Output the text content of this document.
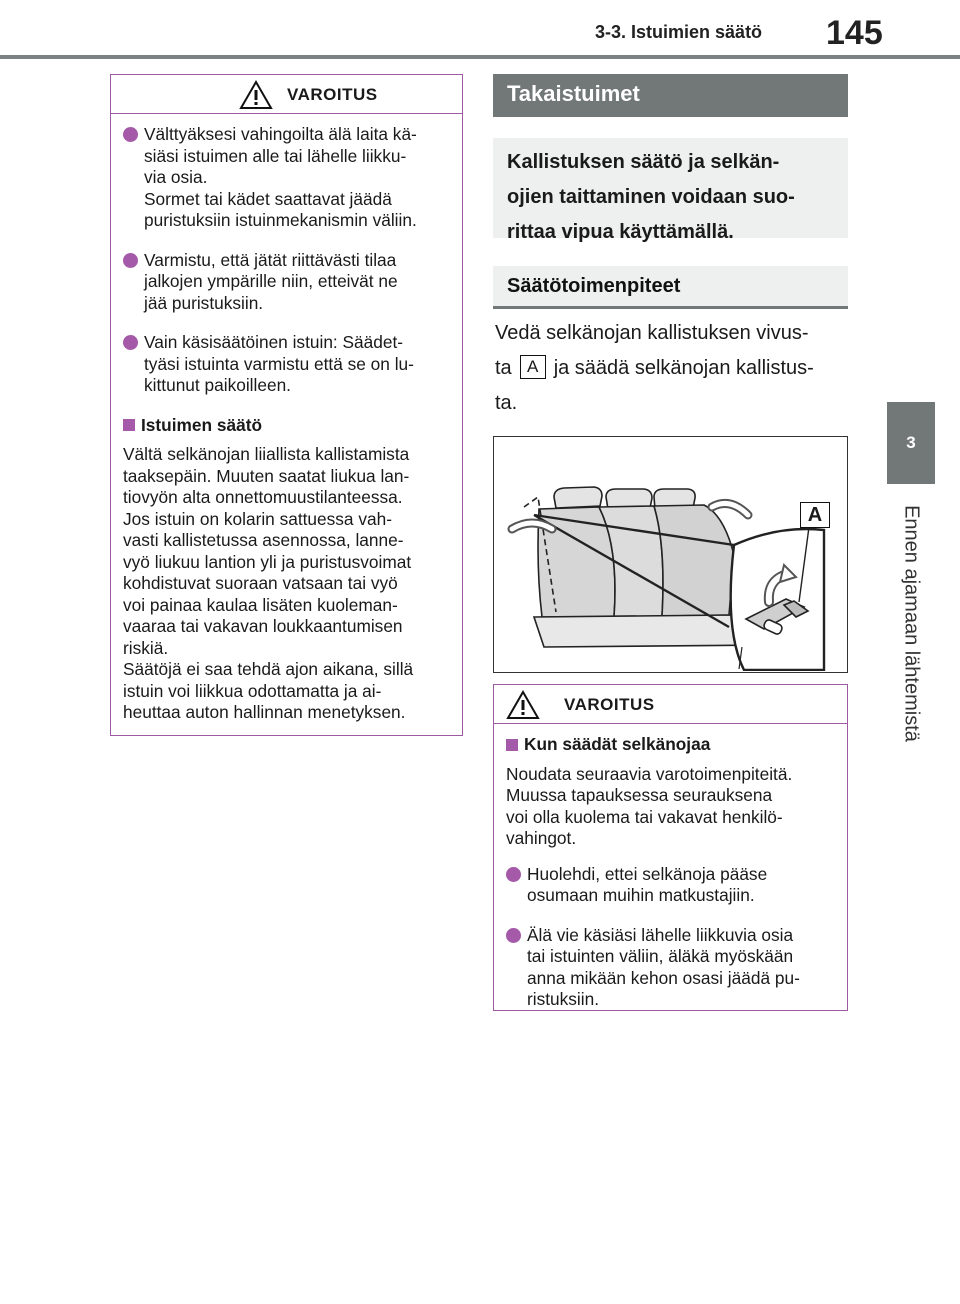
3-3. Istuimien säätö 145
3
Ennen ajamaan lähtemistä
VAROITUS
Välttyäksesi vahingoilta älä laita kä-
siäsi istuimen alle tai lähelle liikku-
via osia.
Sormet tai kädet saattavat jäädä
puristuksiin istuinmekanismin väliin.
Varmistu, että jätät riittävästi tilaa
jalkojen ympärille niin, etteivät ne
jää puristuksiin.
Vain käsisäätöinen istuin: Säädet-
tyäsi istuinta varmistu että se on lu-
kittunut paikoilleen.
Istuimen säätö
Vältä selkänojan liiallista kallistamista
taaksepäin. Muuten saatat liukua lan-
tiovyön alta onnettomuustilanteessa.
Jos istuin on kolarin sattuessa vah-
vasti kallistetussa asennossa, lanne-
vyö liukuu lantion yli ja puristusvoimat
kohdistuvat suoraan vatsaan tai vyö
voi painaa kaulaa lisäten kuoleman-
vaaraa tai vakavan loukkaantumisen
riskiä.
Säätöjä ei saa tehdä ajon aikana, sillä
istuin voi liikkua odottamatta ja ai-
heuttaa auton hallinnan menetyksen.
Takaistuimet
Kallistuksen säätö ja selkän-
ojien taittaminen voidaan suo-
rittaa vipua käyttämällä.
Säätötoimenpiteet
Vedä selkänojan kallistuksen vivus-
ta A ja säädä selkänojan kallistus-
ta.
A
VAROITUS
Kun säädät selkänojaa
Noudata seuraavia varotoimenpiteitä.
Muussa tapauksessa seurauksena
voi olla kuolema tai vakavat henkilö-
vahingot.
Huolehdi, ettei selkänoja pääse
osumaan muihin matkustajiin.
Älä vie käsiäsi lähelle liikkuvia osia
tai istuinten väliin, äläkä myöskään
anna mikään kehon osasi jäädä pu-
ristuksiin.
